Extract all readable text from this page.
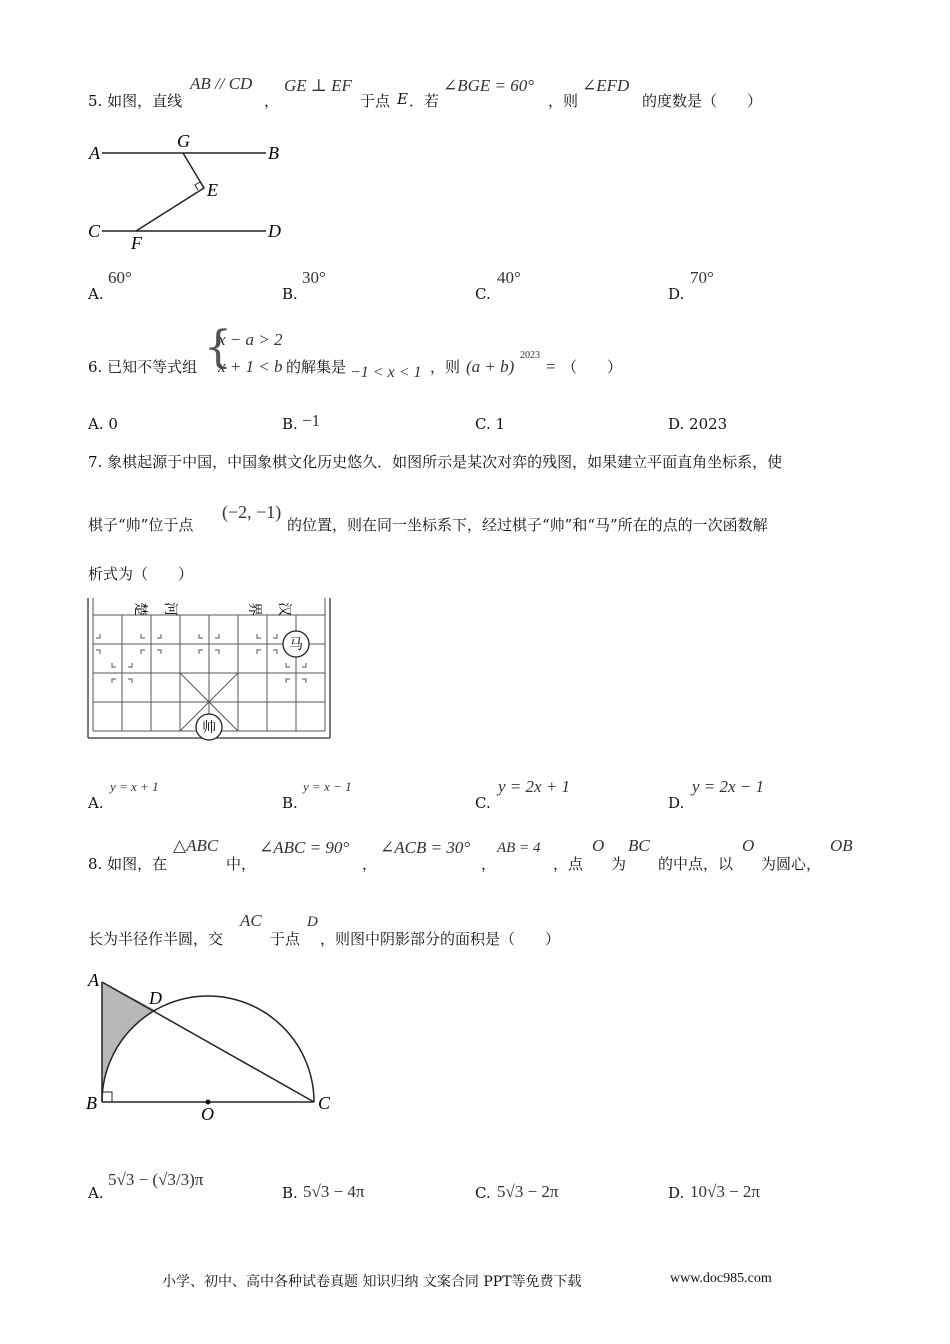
5. 如图，直线
AB // CD
，
GE ⊥ EF
于点 E ．若
∠BGE = 60°
，则
∠EFD
的度数是（　　）
A	B
G
E
C	D
F
A.
60°
B.
30°
C.
40°
D.
70°
6. 已知不等式组 {
x − a > 2
x + 1 < b 的解集是 −1 < x < 1 ，则 (a + b)
2023
= （　　）
A. 0	B. −1	C. 1	D. 2023
7. 象棋起源于中国，中国象棋文化历史悠久．如图所示是某次对弈的残图，如果建立平面直角坐标系，使
棋子“帅”位于点
(−2, −1)
的位置，则在同一坐标系下，经过棋子“帅”和“马”所在的点的一次函数解
析式为（　　）
楚 河	界 汉
马
帅
A.
y = x + 1
B.
y = x − 1
C.
y = 2x + 1
D.
y = 2x − 1
8. 如图，在
△ABC
中，
∠ABC = 90°
，
∠ACB = 30°
，
AB = 4
，点
O
为
BC
的中点，以
O
为圆心，
OB
长为半径作半圆，交
AC
于点
D
，则图中阴影部分的面积是（　　）
A
D
B
O
C
A.
5√3 − (√3/3)π
B. 5√3 − 4π	C. 5√3 − 2π	D. 10√3 − 2π
小学、初中、高中各种试卷真题 知识归纳 文案合同 PPT等免费下载	www.doc985.com
